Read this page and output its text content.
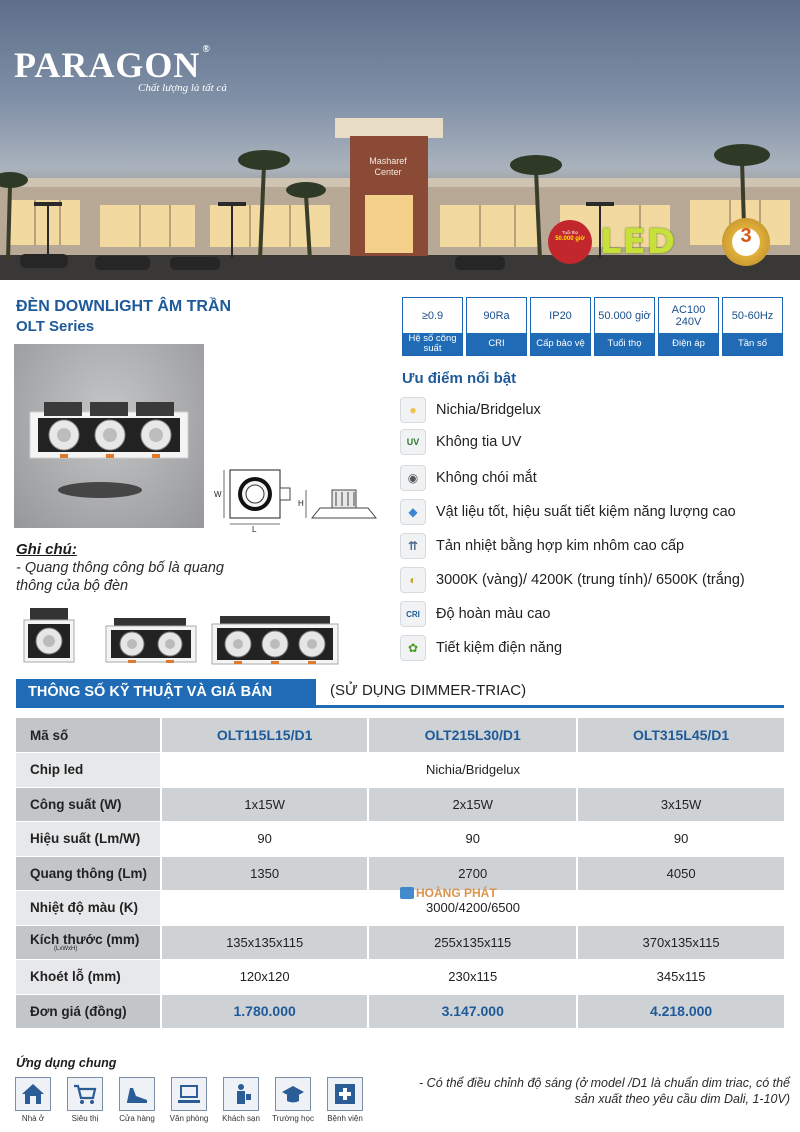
PARAGON ®
Chất lượng là tất cả
Masharef Center
Tuổi thọ
50.000 giờ LED	3
ĐÈN DOWNLIGHT ÂM TRẦN
OLT Series
≥0.9
Hệ số công suất
90Ra
CRI
IP20
Cấp bảo vệ
50.000 giờ
Tuổi thọ
AC100 240V
Điện áp
50-60Hz
Tần số
W
L
H
Ghi chú:
- Quang thông công bố là quang thông của bộ đèn
Ưu điểm nổi bật
●	Nichia/Bridgelux
UV	Không tia UV
◉	Không chói mắt
◆	Vật liệu tốt, hiệu suất tiết kiệm năng lượng cao
⇈	Tản nhiệt bằng hợp kim nhôm cao cấp
◐	3000K (vàng)/ 4200K (trung tính)/ 6500K (trắng)
CRI	Độ hoàn màu cao
✿	Tiết kiệm điện năng
THÔNG SỐ KỸ THUẬT VÀ GIÁ BÁN	(SỬ DỤNG DIMMER-TRIAC)
Mã số	OLT115L15/D1	OLT215L30/D1	OLT315L45/D1
Chip led	Nichia/Bridgelux		
Công suất (W)	1x15W	2x15W	3x15W
Hiệu suất (Lm/W)	90	90	90
Quang thông (Lm)	1350	2700	4050
Nhiệt độ màu (K)	3000/4200/6500		
Kích thước (mm)
(LxWxH)	135x135x115	255x135x115	370x135x115
Khoét lỗ (mm)	120x120	230x115	345x115
Đơn giá (đồng)	1.780.000	3.147.000	4.218.000
HOÀNG PHÁT
Ứng dụng chung
Nhà ở	Siêu thị	Cửa hàng Văn phòng Khách sạn Trường học Bệnh viện
- Có thể điều chỉnh độ sáng (ở model /D1 là chuẩn dim triac, có thể sản xuất theo yêu cầu dim Dali, 1-10V)
